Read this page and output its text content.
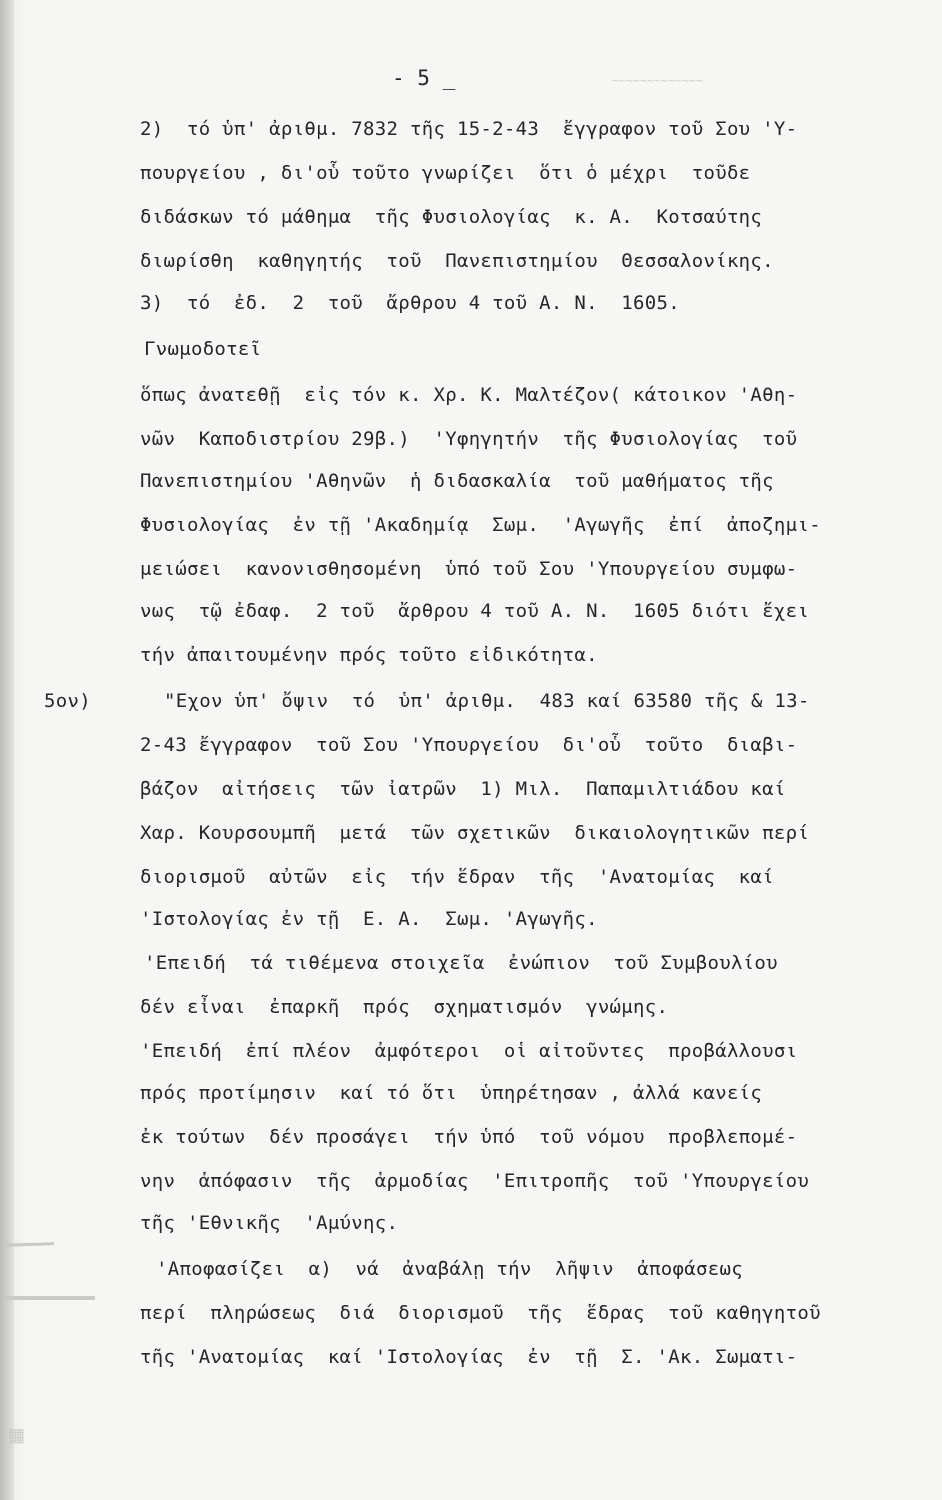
~~~~~~~~~~~~~
▬▬▬▬▬
▬▬▬▬▬▬▬
▦
- 5 _
2)  τό ὑπ' ἀριθμ. 7832 τῆς 15-2-43  ἔγγραφον τοῦ Σου 'Υ-
πουργείου , δι'οὗ τοῦτο γνωρίζει  ὅτι ὁ μέχρι  τοῦδε
διδάσκων τό μάθημα  τῆς Φυσιολογίας  κ. Α.  Κοτσαύτης
διωρίσθη  καθηγητής  τοῦ  Πανεπιστημίου  Θεσσαλονίκης.
3)  τό  ἐδ.  2  τοῦ  ἄρθρου 4 τοῦ Α. Ν.  1605.
Γνωμοδοτεῖ
ὅπως ἀνατεθῇ  εἰς τόν κ. Χρ. Κ. Μαλτέζον( κάτοικον 'Αθη-
νῶν  Καποδιστρίου 29β.)  'Υφηγητήν  τῆς Φυσιολογίας  τοῦ
Πανεπιστημίου 'Αθηνῶν  ἡ διδασκαλία  τοῦ μαθήματος τῆς
Φυσιολογίας  ἐν τῇ 'Ακαδημίᾳ  Σωμ.  'Αγωγῆς  ἐπί  ἀποζημι-
μειώσει  κανονισθησομένη  ὑπό τοῦ Σου 'Υπουργείου συμφω-
νως  τῷ ἐδαφ.  2 τοῦ  ἄρθρου 4 τοῦ Α. Ν.  1605 διότι ἔχει
τήν ἀπαιτουμένην πρός τοῦτο εἰδικότητα.
5ον)	"Εχον ὑπ' ὄψιν  τό  ὑπ' ἀριθμ.  483 καί 63580 τῆς & 13-
2-43 ἔγγραφον  τοῦ Σου 'Υπουργείου  δι'οὗ  τοῦτο  διαβι-
βάζον  αἰτήσεις  τῶν ἰατρῶν  1) Μιλ.  Παπαμιλτιάδου καί
Χαρ. Κουρσουμπῆ  μετά  τῶν σχετικῶν  δικαιολογητικῶν περί
διορισμοῦ  αὐτῶν  εἰς  τήν ἕδραν  τῆς  'Ανατομίας  καί
'Ιστολογίας ἐν τῇ  Ε. Α.  Σωμ. 'Αγωγῆς.
'Επειδή  τά τιθέμενα στοιχεῖα  ἐνώπιον  τοῦ Συμβουλίου
δέν εἶναι  ἐπαρκῆ  πρός  σχηματισμόν  γνώμης.
'Επειδή  ἐπί πλέον  ἀμφότεροι  οἱ αἰτοῦντες  προβάλλουσι
πρός προτίμησιν  καί τό ὅτι  ὑπηρέτησαν , ἀλλά κανείς
ἐκ τούτων  δέν προσάγει  τήν ὑπό  τοῦ νόμου  προβλεπομέ-
νην  ἀπόφασιν  τῆς  ἁρμοδίας  'Επιτροπῆς  τοῦ 'Υπουργείου
τῆς 'Εθνικῆς  'Αμύνης.
'Αποφασίζει  α)  νά  ἀναβάλῃ τήν  λῆψιν  ἀποφάσεως
περί  πληρώσεως  διά  διορισμοῦ  τῆς  ἕδρας  τοῦ καθηγητοῦ
τῆς 'Ανατομίας  καί 'Ιστολογίας  ἐν  τῇ  Σ. 'Ακ. Σωματι-
